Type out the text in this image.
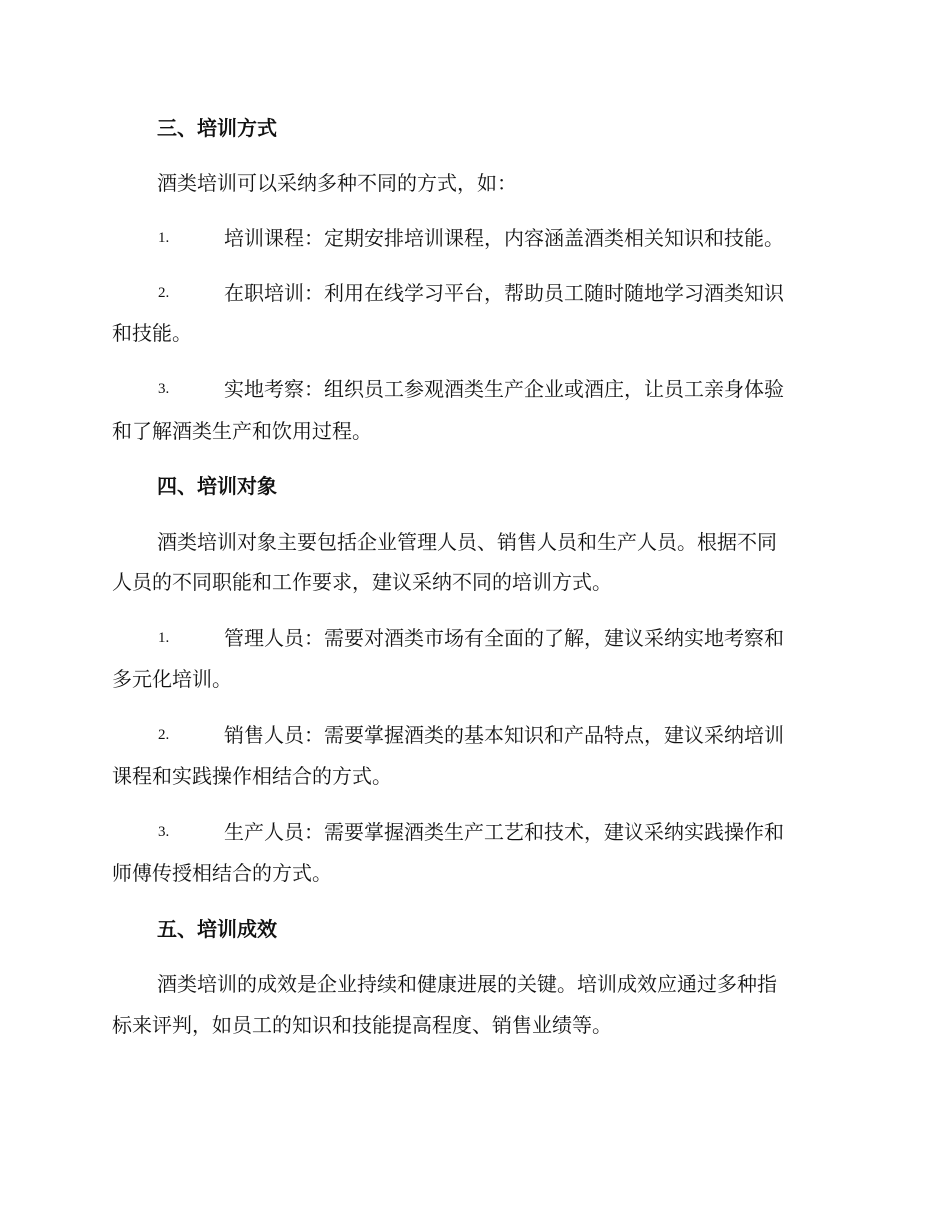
三、培训方式
酒类培训可以采纳多种不同的方式，如：
1.	培训课程：定期安排培训课程，内容涵盖酒类相关知识和技能。
2.	在职培训：利用在线学习平台，帮助员工随时随地学习酒类知识
和技能。
3.	实地考察：组织员工参观酒类生产企业或酒庄，让员工亲身体验
和了解酒类生产和饮用过程。
四、培训对象
酒类培训对象主要包括企业管理人员、销售人员和生产人员。根据不同
人员的不同职能和工作要求，建议采纳不同的培训方式。
1.	管理人员：需要对酒类市场有全面的了解，建议采纳实地考察和
多元化培训。
2.	销售人员：需要掌握酒类的基本知识和产品特点，建议采纳培训
课程和实践操作相结合的方式。
3.	生产人员：需要掌握酒类生产工艺和技术，建议采纳实践操作和
师傅传授相结合的方式。
五、培训成效
酒类培训的成效是企业持续和健康进展的关键。培训成效应通过多种指
标来评判，如员工的知识和技能提高程度、销售业绩等。
